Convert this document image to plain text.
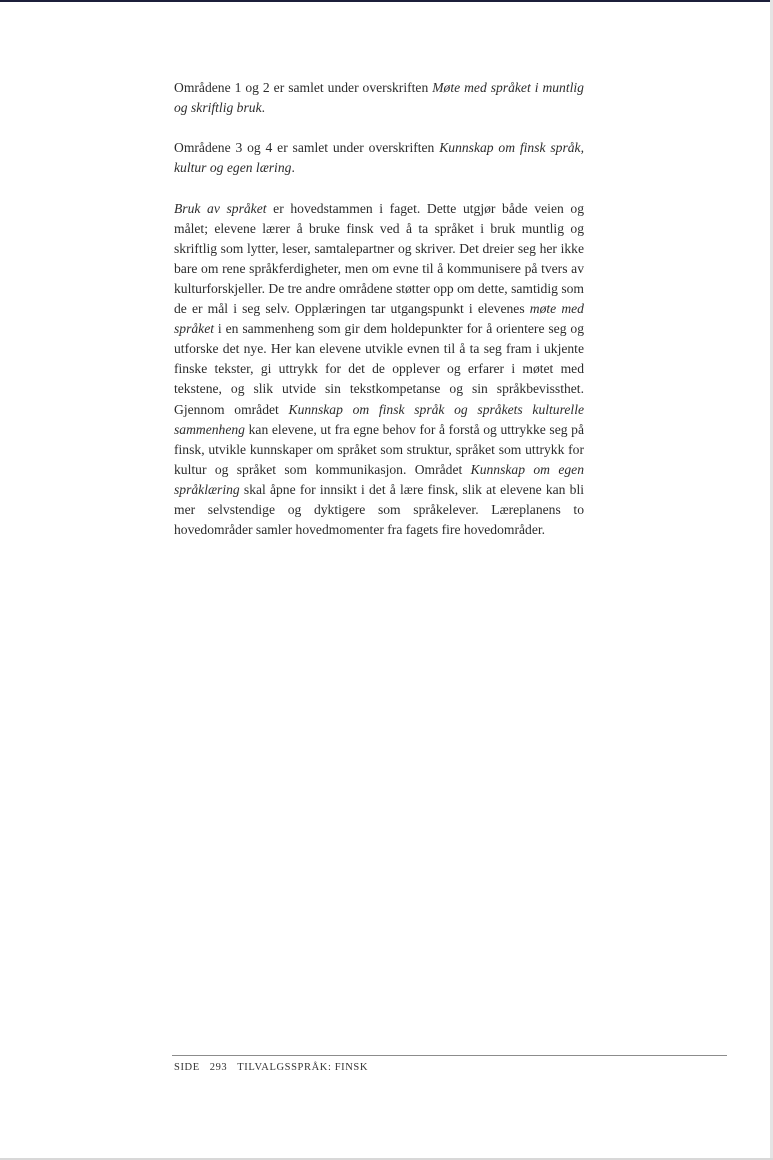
Områdene 1 og 2 er samlet under overskriften Møte med språket i muntlig og skriftlig bruk.

Områdene 3 og 4 er samlet under overskriften Kunnskap om finsk språk, kultur og egen læring.

Bruk av språket er hovedstammen i faget. Dette utgjør både veien og målet; elevene lærer å bruke finsk ved å ta språket i bruk muntlig og skriftlig som lytter, leser, samtalepartner og skriver. Det dreier seg her ikke bare om rene språkferdigheter, men om evne til å kommunisere på tvers av kulturforskjeller. De tre andre områdene støtter opp om dette, samtidig som de er mål i seg selv. Opplæringen tar utgangspunkt i elevenes møte med språket i en sammenheng som gir dem holdepunkter for å orientere seg og utforske det nye. Her kan elevene utvikle evnen til å ta seg fram i ukjente finske tekster, gi uttrykk for det de opplever og erfarer i møtet med tekstene, og slik utvide sin tekstkompetanse og sin språkbevissthet. Gjennom området Kunnskap om finsk språk og språkets kulturelle sammenheng kan elevene, ut fra egne behov for å forstå og uttrykke seg på finsk, utvikle kunnskaper om språket som struktur, språket som uttrykk for kultur og språket som kommunikasjon. Området Kunnskap om egen språklæring skal åpne for innsikt i det å lære finsk, slik at elevene kan bli mer selvstendige og dyktigere som språkelever. Læreplanens to hovedområder samler hovedmomenter fra fagets fire hovedområder.

SIDE 293 TILVALGSSPRÅK: FINSK
